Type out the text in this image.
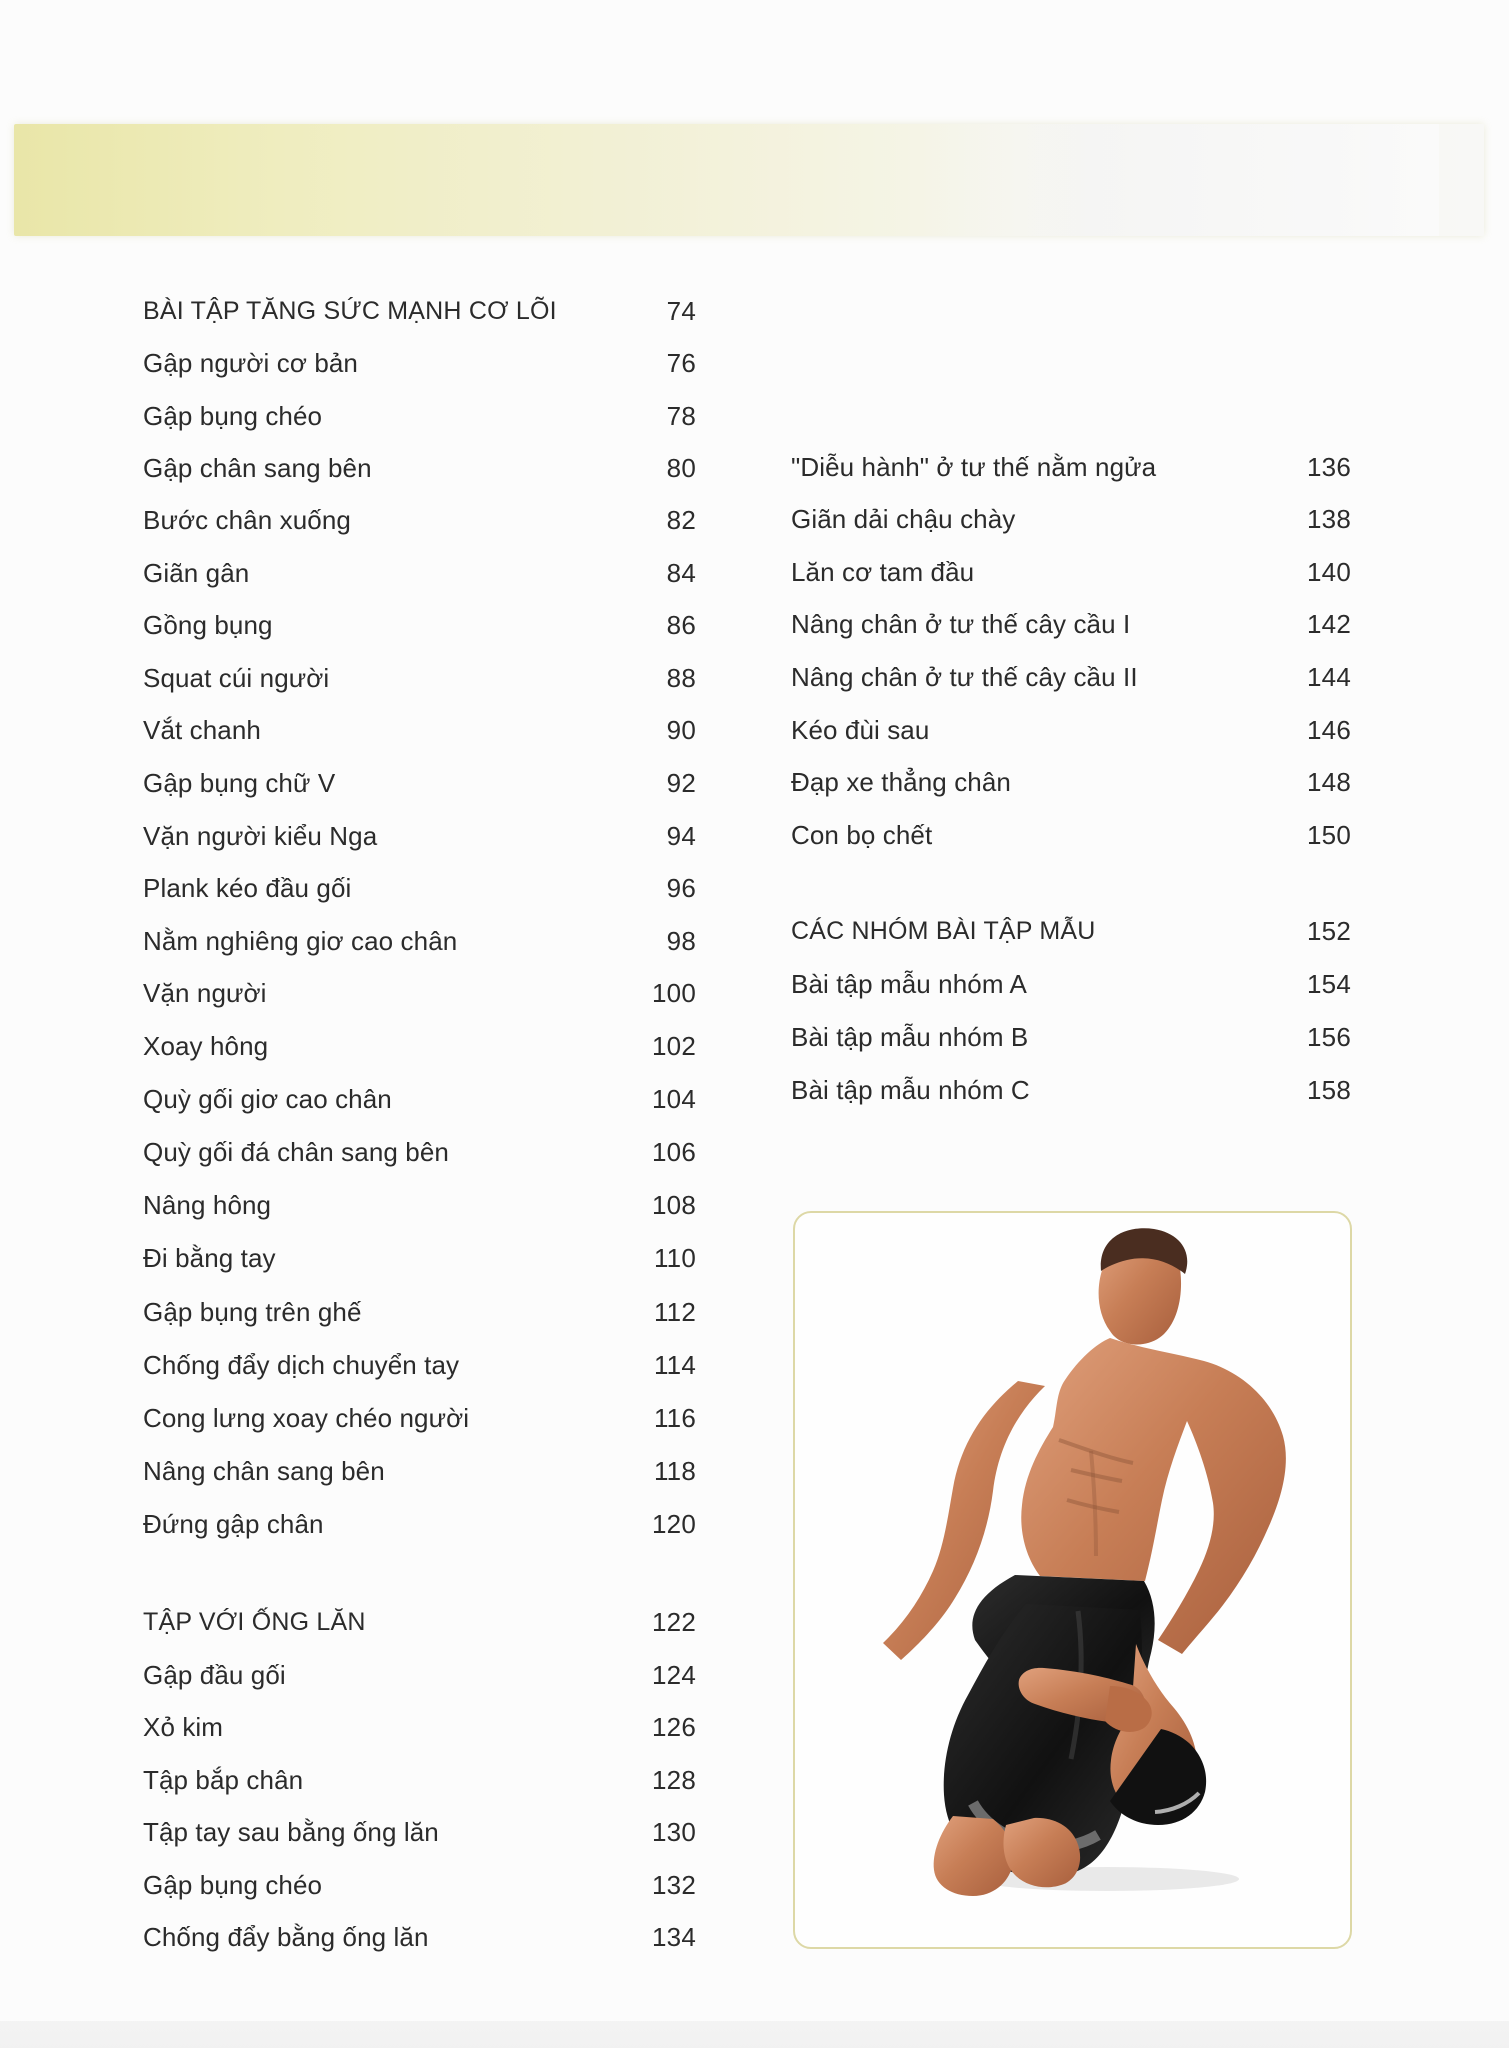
BÀI TẬP TĂNG SỨC MẠNH CƠ LÕI	74
Gập người cơ bản	76
Gập bụng chéo	78
Gập chân sang bên	80
Bước chân xuống	82
Giãn gân	84
Gồng bụng	86
Squat cúi người	88
Vắt chanh	90
Gập bụng chữ V	92
Vặn người kiểu Nga	94
Plank kéo đầu gối	96
Nằm nghiêng giơ cao chân	98
Vặn người	100
Xoay hông	102
Quỳ gối giơ cao chân	104
Quỳ gối đá chân sang bên	106
Nâng hông	108
Đi bằng tay	110
Gập bụng trên ghế	112
Chống đẩy dịch chuyển tay	114
Cong lưng xoay chéo người	116
Nâng chân sang bên	118
Đứng gập chân	120
TẬP VỚI ỐNG LĂN	122
Gập đầu gối	124
Xỏ kim	126
Tập bắp chân	128
Tập tay sau bằng ống lăn	130
Gập bụng chéo	132
Chống đẩy bằng ống lăn	134
"Diễu hành" ở tư thế nằm ngửa	136
Giãn dải chậu chày	138
Lăn cơ tam đầu	140
Nâng chân ở tư thế cây cầu I	142
Nâng chân ở tư thế cây cầu II	144
Kéo đùi sau	146
Đạp xe thẳng chân	148
Con bọ chết	150
CÁC NHÓM BÀI TẬP MẪU	152
Bài tập mẫu nhóm A	154
Bài tập mẫu nhóm B	156
Bài tập mẫu nhóm C	158
